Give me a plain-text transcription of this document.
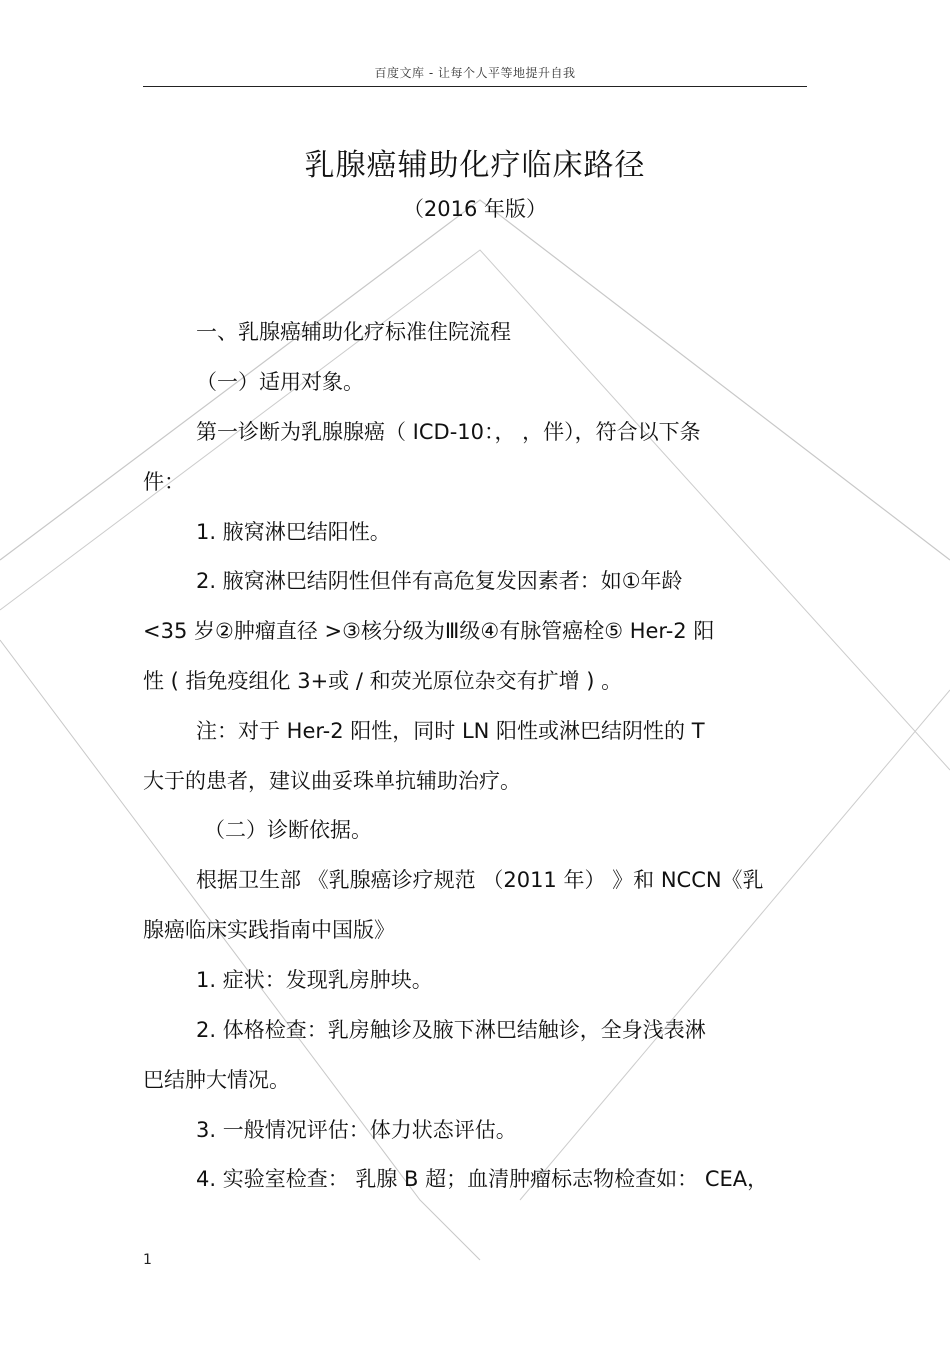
百度文库 - 让每个人平等地提升自我
乳腺癌辅助化疗临床路径
（2016 年版）
一、乳腺癌辅助化疗标准住院流程
（一）适用对象。
第一诊断为乳腺腺癌（ ICD-10：， ，伴），符合以下条
件：
1. 腋窝淋巴结阳性。
2. 腋窝淋巴结阴性但伴有高危复发因素者：如①年龄
<35 岁②肿瘤直径 >③核分级为Ⅲ级④有脉管癌栓⑤ Her-2 阳
性 ( 指免疫组化 3+或 / 和荧光原位杂交有扩增 ) 。
注：对于 Her-2 阳性，同时 LN 阳性或淋巴结阴性的 T
大于的患者，建议曲妥珠单抗辅助治疗。
（二）诊断依据。
根据卫生部 《乳腺癌诊疗规范 （2011 年） 》和 NCCN《乳
腺癌临床实践指南中国版》
1. 症状：发现乳房肿块。
2. 体格检查：乳房触诊及腋下淋巴结触诊，全身浅表淋
巴结肿大情况。
3. 一般情况评估：体力状态评估。
4. 实验室检查： 乳腺 B 超；血清肿瘤标志物检查如： CEA，
1
